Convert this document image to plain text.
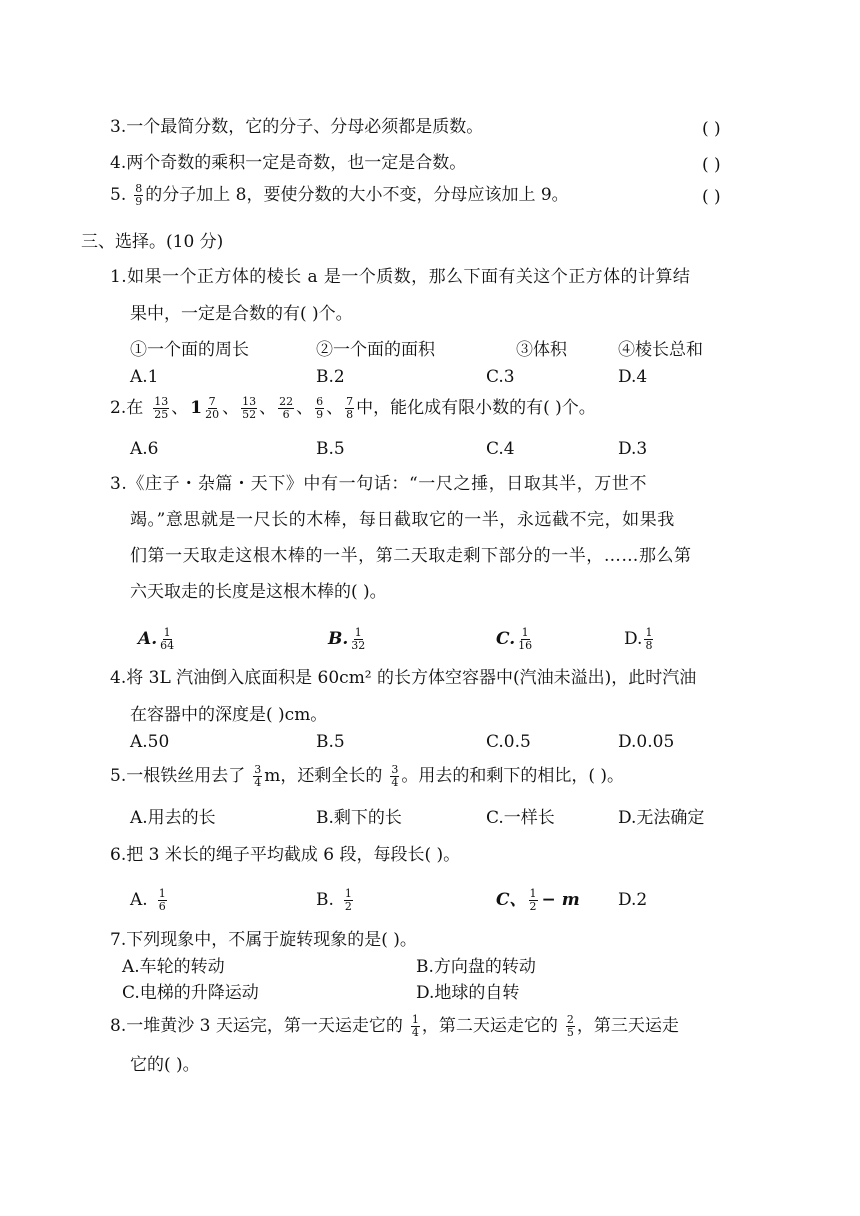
3.一个最简分数，它的分子、分母必须都是质数。	( )
4.两个奇数的乘积一定是奇数，也一定是合数。	( )
5. $\frac{8}{9}$ 的分子加上 8，要使分数的大小不变，分母应该加上 9。	( )
三、选择。(10 分)
1.如果一个正方体的棱长 a 是一个质数，那么下面有关这个正方体的计算结
果中，一定是合数的有( )个。
①一个面的周长	②一个面的面积	③体积	④棱长总和
A.1	B.2	C.3	D.4
2.在 $\frac{13}{25}$ 、 $1 \frac{7}{20}$ 、 $\frac{13}{52}$ 、 $\frac{22}{6}$ 、 $\frac{6}{9}$ 、 $\frac{7}{8}$ 中，能化成有限小数的有( )个。
A.6	B.5	C.4	D.3
3.《庄子・杂篇・天下》中有一句话：“一尺之捶，日取其半，万世不
竭。”意思就是一尺长的木棒，每日截取它的一半，永远截不完，如果我
们第一天取走这根木棒的一半，第二天取走剩下部分的一半，……那么第
六天取走的长度是这根木棒的( )。
A. $\frac{1}{64}$	B. $\frac{1}{32}$	C. $\frac{1}{16}$	D. $\frac{1}{8}$
4.将 3L 汽油倒入底面积是 60cm² 的长方体空容器中(汽油未溢出)，此时汽油
在容器中的深度是( )cm。
A.50	B.5	C.0.5	D.0.05
5.一根铁丝用去了 $\frac{3}{4}$ m，还剩全长的 $\frac{3}{4}$ 。用去的和剩下的相比，( )。
A.用去的长	B.剩下的长	C.一样长	D.无法确定
6.把 3 米长的绳子平均截成 6 段，每段长( )。
A. $\frac{1}{6}$	B. $\frac{1}{2}$	C、 $\frac{1}{2} - m$ D.2
7.下列现象中，不属于旋转现象的是( )。
A.车轮的转动	B.方向盘的转动
C.电梯的升降运动	D.地球的自转
8.一堆黄沙 3 天运完，第一天运走它的 $\frac{1}{4}$ ，第二天运走它的 $\frac{2}{5}$ ，第三天运走
它的( )。
